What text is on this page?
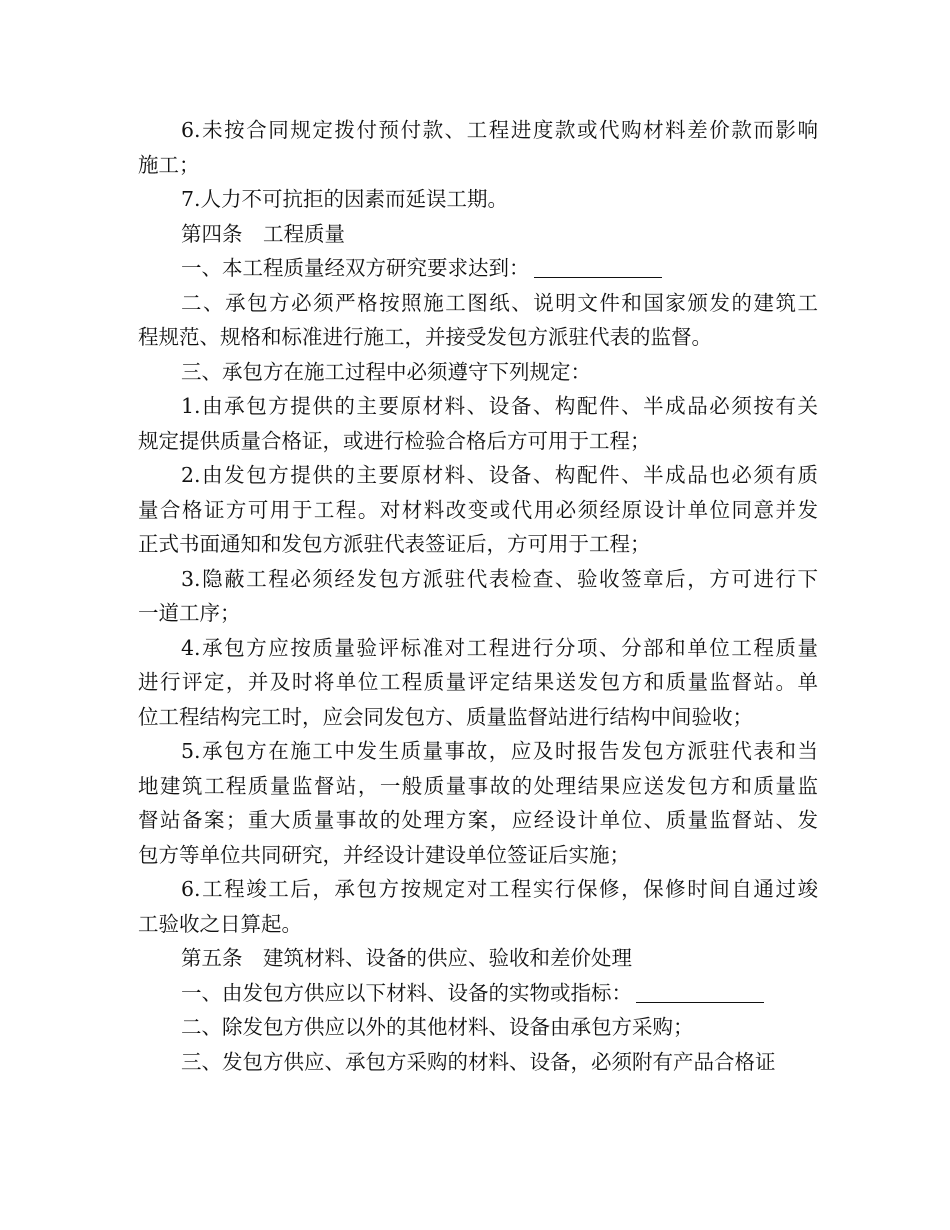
6.未按合同规定拨付预付款、工程进度款或代购材料差价款而影响
施工；
7.人力不可抗拒的因素而延误工期。
第四条　工程质量
一、本工程质量经双方研究要求达到：
二、承包方必须严格按照施工图纸、说明文件和国家颁发的建筑工
程规范、规格和标准进行施工，并接受发包方派驻代表的监督。
三、承包方在施工过程中必须遵守下列规定：
1.由承包方提供的主要原材料、设备、构配件、半成品必须按有关
规定提供质量合格证，或进行检验合格后方可用于工程；
2.由发包方提供的主要原材料、设备、构配件、半成品也必须有质
量合格证方可用于工程。对材料改变或代用必须经原设计单位同意并发
正式书面通知和发包方派驻代表签证后，方可用于工程；
3.隐蔽工程必须经发包方派驻代表检查、验收签章后，方可进行下
一道工序；
4.承包方应按质量验评标准对工程进行分项、分部和单位工程质量
进行评定，并及时将单位工程质量评定结果送发包方和质量监督站。单
位工程结构完工时，应会同发包方、质量监督站进行结构中间验收；
5.承包方在施工中发生质量事故，应及时报告发包方派驻代表和当
地建筑工程质量监督站，一般质量事故的处理结果应送发包方和质量监
督站备案；重大质量事故的处理方案，应经设计单位、质量监督站、发
包方等单位共同研究，并经设计建设单位签证后实施；
6.工程竣工后，承包方按规定对工程实行保修，保修时间自通过竣
工验收之日算起。
第五条　建筑材料、设备的供应、验收和差价处理
一、由发包方供应以下材料、设备的实物或指标：
二、除发包方供应以外的其他材料、设备由承包方采购；
三、发包方供应、承包方采购的材料、设备，必须附有产品合格证
